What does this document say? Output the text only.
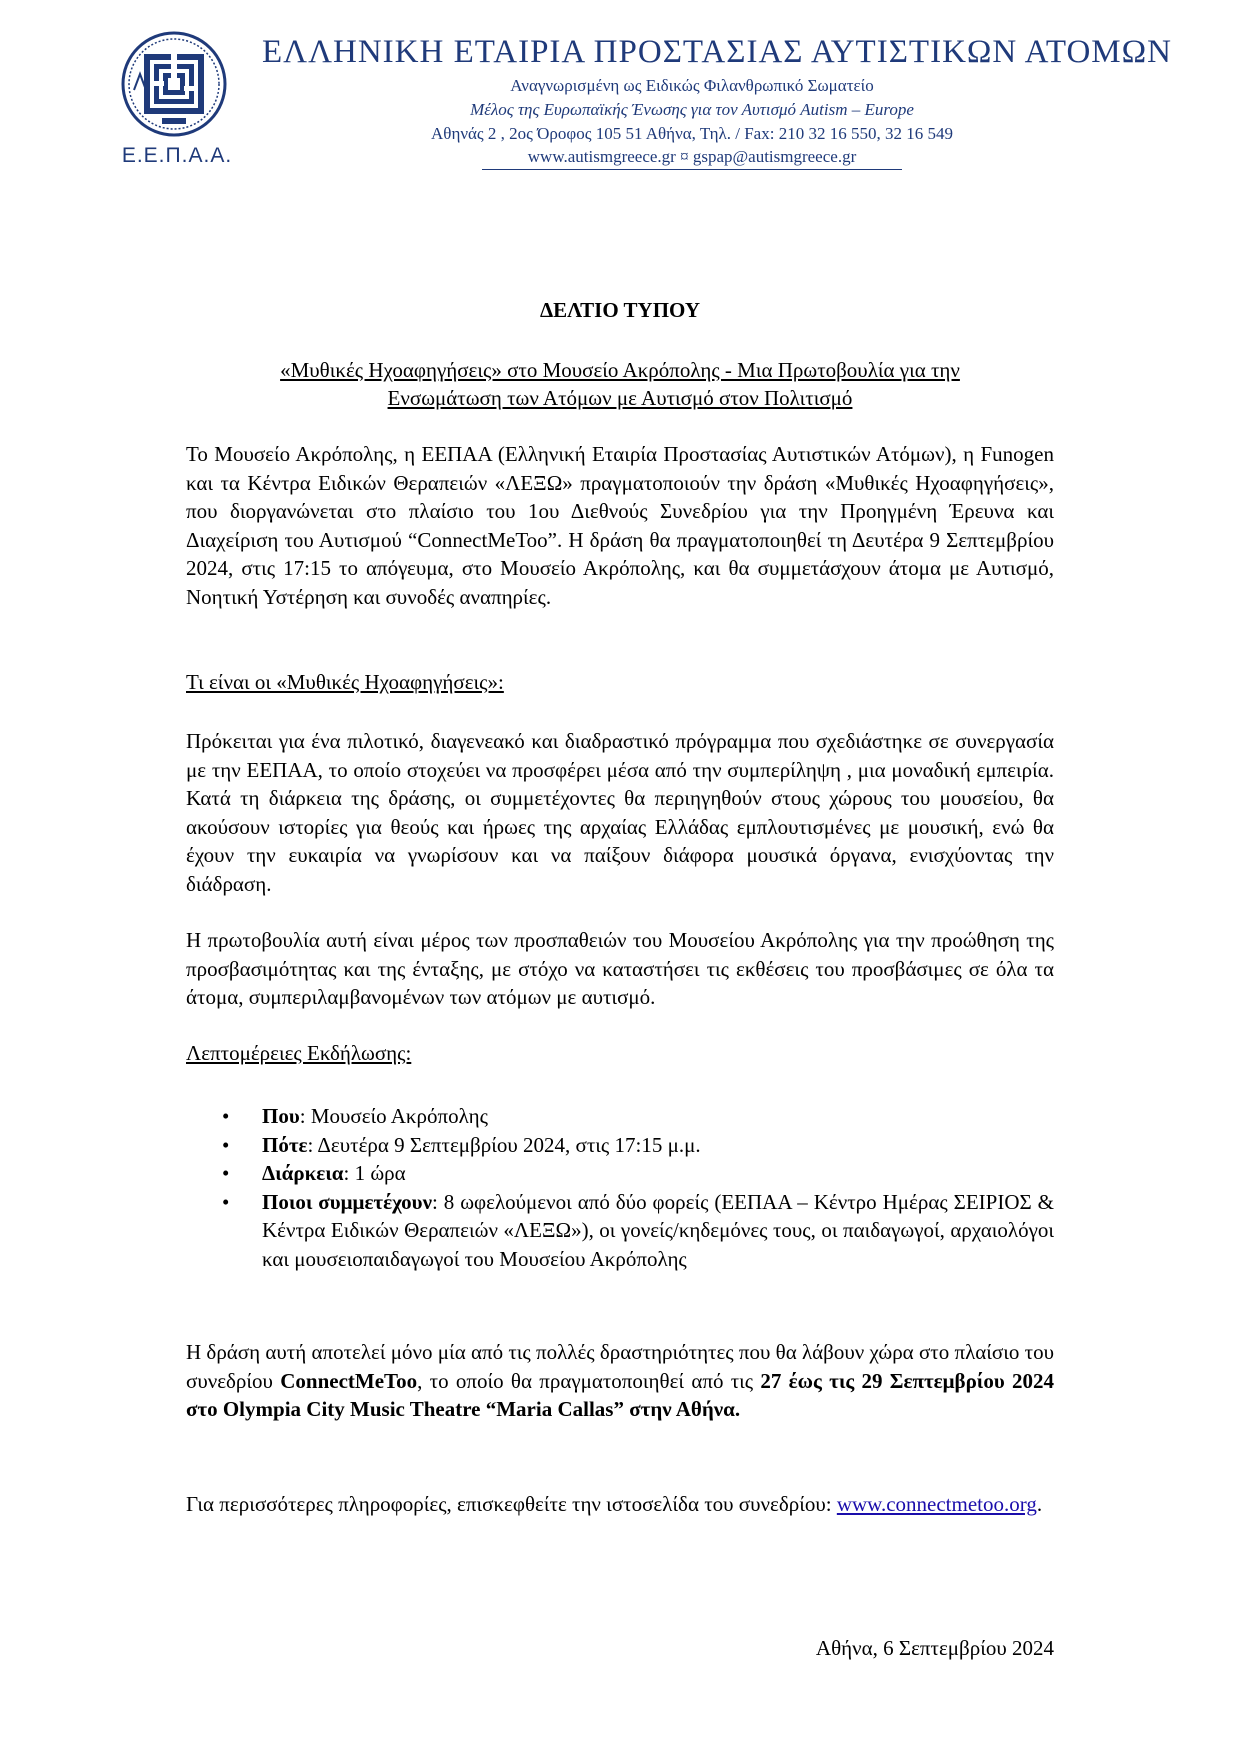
Ε.Ε.Π.Α.Α.
ΕΛΛΗΝΙΚΗ ΕΤΑΙΡΙΑ ΠΡΟΣΤΑΣΙΑΣ ΑΥΤΙΣΤΙΚΩΝ ΑΤΟΜΩΝ
Αναγνωρισμένη ως Ειδικώς Φιλανθρωπικό Σωματείο
Μέλος της Ευρωπαϊκής Ένωσης για τον Αυτισμό Autism – Europe
Αθηνάς 2 , 2ος Όροφος 105 51 Αθήνα, Τηλ. / Fax: 210 32 16 550, 32 16 549
www.autismgreece.gr ¤ gspap@autismgreece.gr
ΔΕΛΤΙΟ ΤΥΠΟΥ
«Μυθικές Ηχοαφηγήσεις» στο Μουσείο Ακρόπολης - Μια Πρωτοβουλία για την
Ενσωμάτωση των Ατόμων με Αυτισμό στον Πολιτισμό
Το Μουσείο Ακρόπολης, η ΕΕΠΑΑ (Ελληνική Εταιρία Προστασίας Αυτιστικών Ατόμων), η Funogen και τα Κέντρα Ειδικών Θεραπειών «ΛΕΞΩ» πραγματοποιούν την δράση «Μυθικές Ηχοαφηγήσεις», που διοργανώνεται στο πλαίσιο του 1ου Διεθνούς Συνεδρίου για την Προηγμένη Έρευνα και Διαχείριση του Αυτισμού “ConnectMeToo”. Η δράση θα πραγματοποιηθεί τη Δευτέρα 9 Σεπτεμβρίου 2024, στις 17:15 το απόγευμα, στο Μουσείο Ακρόπολης, και θα συμμετάσχουν άτομα με Αυτισμό, Νοητική Υστέρηση και συνοδές αναπηρίες.
Τι είναι οι «Μυθικές Ηχοαφηγήσεις»:
Πρόκειται για ένα πιλοτικό, διαγενεακό και διαδραστικό πρόγραμμα που σχεδιάστηκε σε συνεργασία με την ΕΕΠΑΑ, το οποίο στοχεύει να προσφέρει μέσα από την συμπερίληψη , μια μοναδική εμπειρία. Κατά τη διάρκεια της δράσης, οι συμμετέχοντες θα περιηγηθούν στους χώρους του μουσείου, θα ακούσουν ιστορίες για θεούς και ήρωες της αρχαίας Ελλάδας εμπλουτισμένες με μουσική, ενώ θα έχουν την ευκαιρία να γνωρίσουν και να παίξουν διάφορα μουσικά όργανα, ενισχύοντας την διάδραση.
Η πρωτοβουλία αυτή είναι μέρος των προσπαθειών του Μουσείου Ακρόπολης για την προώθηση της προσβασιμότητας και της ένταξης, με στόχο να καταστήσει τις εκθέσεις του προσβάσιμες σε όλα τα άτομα, συμπεριλαμβανομένων των ατόμων με αυτισμό.
Λεπτομέρειες Εκδήλωσης:
• Που: Μουσείο Ακρόπολης
• Πότε: Δευτέρα 9 Σεπτεμβρίου 2024, στις 17:15 μ.μ.
• Διάρκεια: 1 ώρα
• Ποιοι συμμετέχουν: 8 ωφελούμενοι από δύο φορείς (ΕΕΠΑΑ – Κέντρο Ημέρας ΣΕΙΡΙΟΣ & Κέντρα Ειδικών Θεραπειών «ΛΕΞΩ»), οι γονείς/κηδεμόνες τους, οι παιδαγωγοί, αρχαιολόγοι και μουσειοπαιδαγωγοί του Μουσείου Ακρόπολης
Η δράση αυτή αποτελεί μόνο μία από τις πολλές δραστηριότητες που θα λάβουν χώρα στο πλαίσιο του συνεδρίου ConnectMeToo, το οποίο θα πραγματοποιηθεί από τις 27 έως τις 29 Σεπτεμβρίου 2024 στο Olympia City Music Theatre “Maria Callas” στην Αθήνα.
Για περισσότερες πληροφορίες, επισκεφθείτε την ιστοσελίδα του συνεδρίου: www.connectmetoo.org.
Αθήνα, 6 Σεπτεμβρίου 2024
